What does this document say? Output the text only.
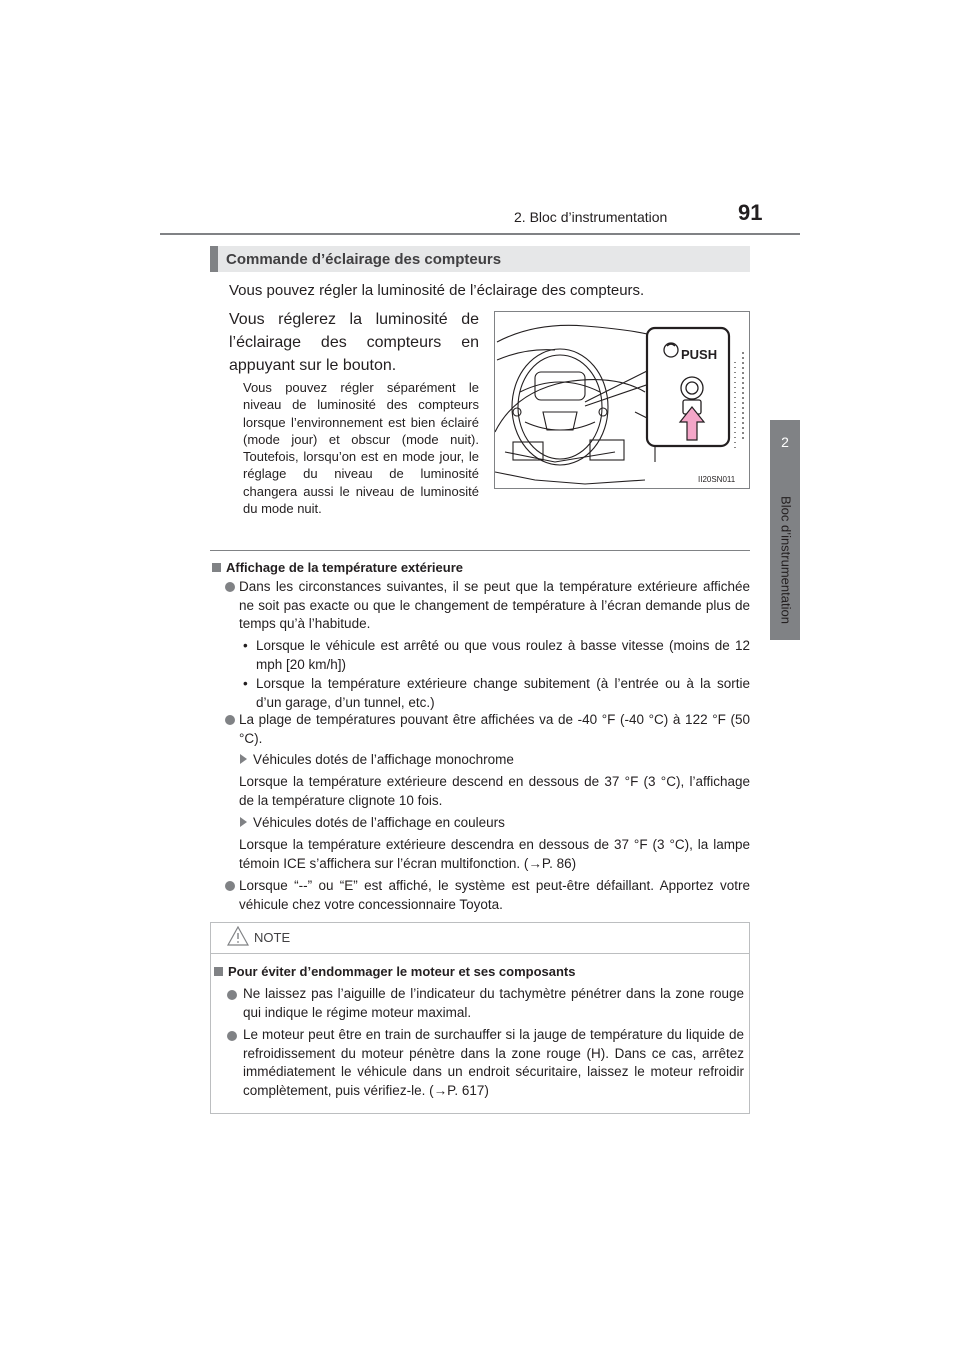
2. Bloc d’instrumentation	91
2
Bloc d’instrumentation
Commande d’éclairage des compteurs
Vous pouvez régler la luminosité de l’éclairage des compteurs.
Vous réglerez la luminosité de l’éclairage des compteurs en appuyant sur le bouton.
Vous pouvez régler séparément le niveau de luminosité des compteurs lorsque l’environnement est bien éclairé (mode jour) et obscur (mode nuit). Toutefois, lorsqu’on est en mode jour, le réglage du niveau de luminosité changera aussi le niveau de luminosité du mode nuit.
PUSH
II20SN011
Affichage de la température extérieure
Dans les circonstances suivantes, il se peut que la température extérieure affichée ne soit pas exacte ou que le changement de température à l’écran demande plus de temps qu’à l’habitude.
• Lorsque le véhicule est arrêté ou que vous roulez à basse vitesse (moins de 12 mph [20 km/h])
• Lorsque la température extérieure change subitement (à l’entrée ou à la sortie d’un garage, d’un tunnel, etc.)
La plage de températures pouvant être affichées va de -40 °F (-40 °C) à 122 °F (50 °C).
Véhicules dotés de l’affichage monochrome
Lorsque la température extérieure descend en dessous de 37 °F (3 °C), l’affichage de la température clignote 10 fois.
Véhicules dotés de l’affichage en couleurs
Lorsque la température extérieure descendra en dessous de 37 °F (3 °C), la lampe témoin ICE s’affichera sur l’écran multifonction. (→P. 86)
Lorsque “--” ou “E” est affiché, le système est peut-être défaillant. Apportez votre véhicule chez votre concessionnaire Toyota.
NOTE
Pour éviter d’endommager le moteur et ses composants
Ne laissez pas l’aiguille de l’indicateur du tachymètre pénétrer dans la zone rouge qui indique le régime moteur maximal.
Le moteur peut être en train de surchauffer si la jauge de température du liquide de refroidissement du moteur pénètre dans la zone rouge (H). Dans ce cas, arrêtez immédiatement le véhicule dans un endroit sécuritaire, laissez le moteur refroidir complètement, puis vérifiez-le. (→P. 617)
